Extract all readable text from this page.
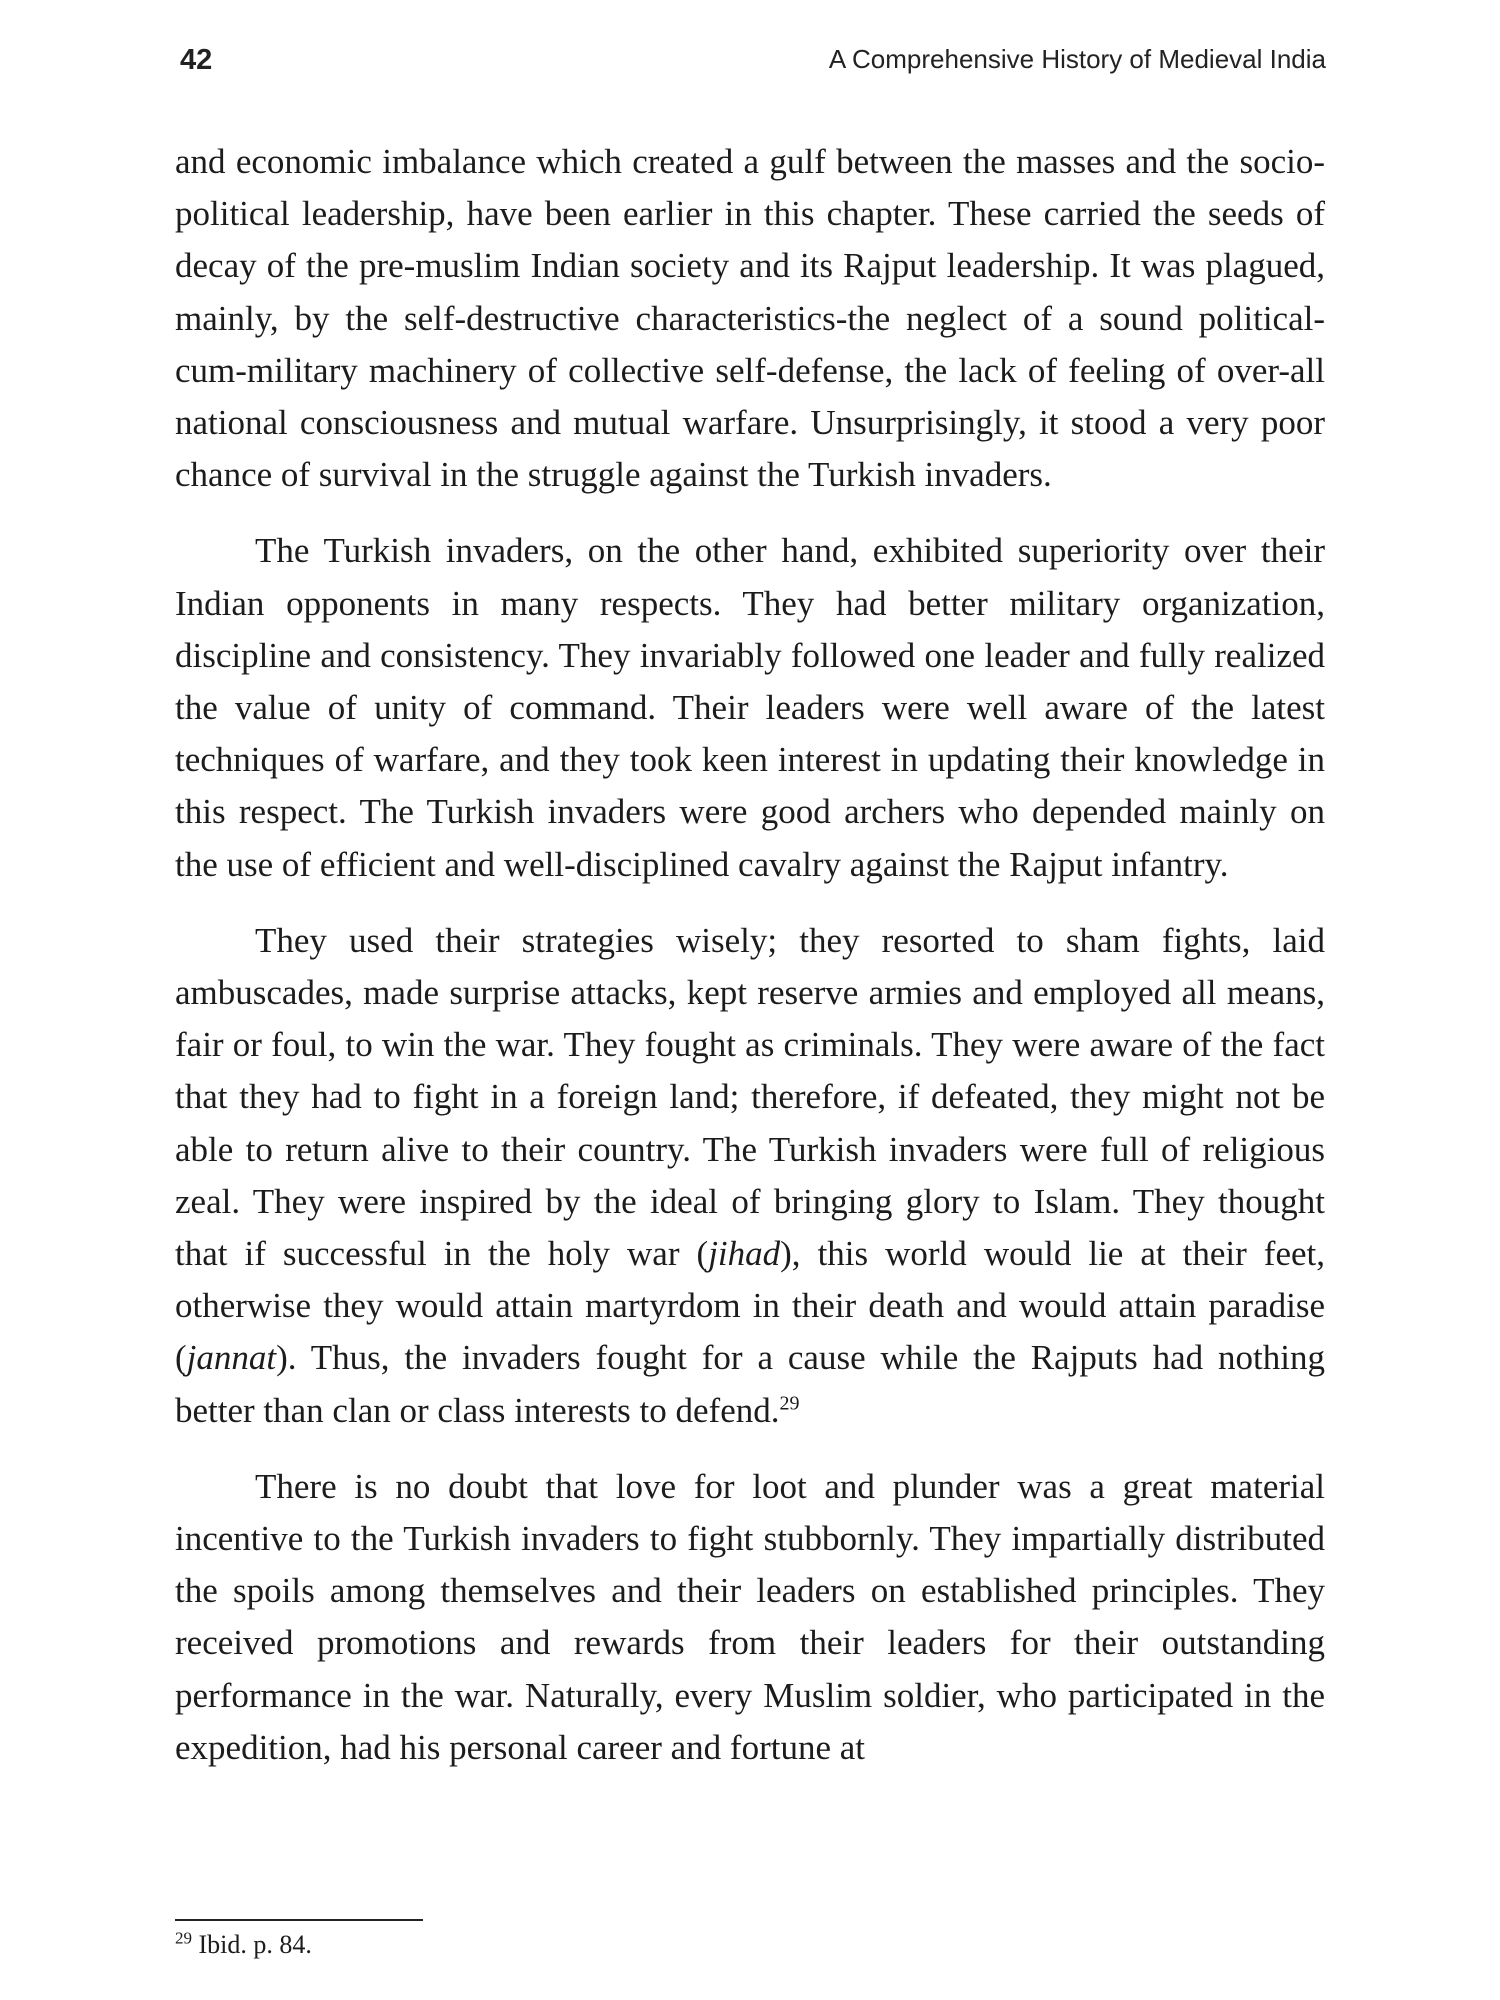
42	A Comprehensive History of Medieval India

and economic imbalance which created a gulf between the masses and the socio-political leadership, have been earlier in this chapter. These carried the seeds of decay of the pre-muslim Indian society and its Rajput leadership. It was plagued, mainly, by the self-destructive characteristics-the neglect of a sound political-cum-military machinery of collective self-defense, the lack of feeling of over-all national consciousness and mutual warfare. Unsurprisingly, it stood a very poor chance of survival in the struggle against the Turkish invaders.

The Turkish invaders, on the other hand, exhibited superiority over their Indian opponents in many respects. They had better military organization, discipline and consistency. They invariably followed one leader and fully realized the value of unity of command. Their leaders were well aware of the latest techniques of warfare, and they took keen interest in updating their knowledge in this respect. The Turkish invaders were good archers who depended mainly on the use of efficient and well-disciplined cavalry against the Rajput infantry.

They used their strategies wisely; they resorted to sham fights, laid ambuscades, made surprise attacks, kept reserve armies and employed all means, fair or foul, to win the war. They fought as criminals. They were aware of the fact that they had to fight in a foreign land; therefore, if defeated, they might not be able to return alive to their country. The Turkish invaders were full of religious zeal. They were inspired by the ideal of bringing glory to Islam. They thought that if successful in the holy war (jihad), this world would lie at their feet, otherwise they would attain martyrdom in their death and would attain paradise (jannat). Thus, the invaders fought for a cause while the Rajputs had nothing better than clan or class interests to defend.$^{29}$

There is no doubt that love for loot and plunder was a great material incentive to the Turkish invaders to fight stubbornly. They impartially distributed the spoils among themselves and their leaders on established principles. They received promotions and rewards from their leaders for their outstanding performance in the war. Naturally, every Muslim soldier, who participated in the expedition, had his personal career and fortune at

$^{29}$ Ibid. p. 84.
